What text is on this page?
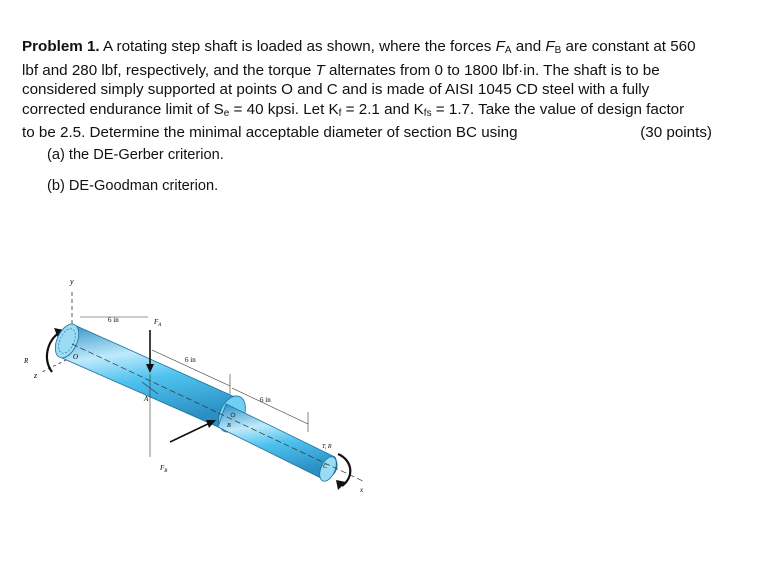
Problem 1. A rotating step shaft is loaded as shown, where the forces $F_A$ and $F_B$ are constant at 560
lbf and 280 lbf, respectively, and the torque T alternates from 0 to 1800 lbf·in. The shaft is to be
considered simply supported at points O and C and is made of AISI 1045 CD steel with a fully
corrected endurance limit of $S_e = 40$ kpsi. Let $K_f = 2.1$ and $K_{fs} = 1.7$. Take the value of design factor
to be 2.5. Determine the minimal acceptable diameter of section BC using	(30 points)
(a) the DE-Gerber criterion.
(b) DE-Goodman criterion.
y
z
R	O
C
x
B
$F_A$
A
$F_B$
6 in
6 in
6 in
T, R
